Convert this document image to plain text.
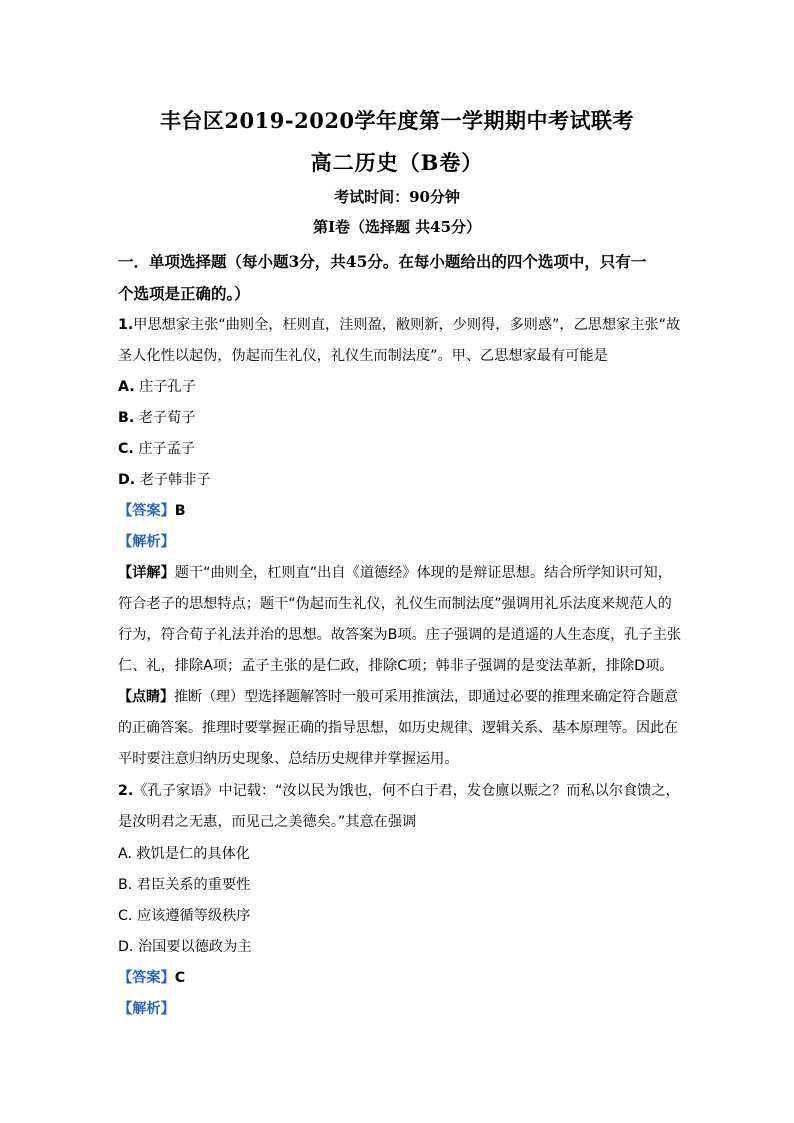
丰台区2019-2020学年度第一学期期中考试联考
高二历史（B卷）
考试时间：90分钟
第Ⅰ卷（选择题 共45分）
一．单项选择题（每小题3分，共45分。在每小题给出的四个选项中，只有一
个选项是正确的。）
1.甲思想家主张“曲则全，枉则直，洼则盈，敝则新，少则得，多则惑”，乙思想家主张“故
圣人化性以起伪，伪起而生礼仪，礼仪生而制法度”。甲、乙思想家最有可能是
A. 庄子孔子
B. 老子荀子
C. 庄子孟子
D. 老子韩非子
【答案】B
【解析】
【详解】题干“曲则全，杠则直”出自《道德经》体现的是辩证思想。结合所学知识可知，
符合老子的思想特点；题干“伪起而生礼仪，礼仪生而制法度”强调用礼乐法度来规范人的
行为，符合荀子礼法并治的思想。故答案为B项。庄子强调的是逍遥的人生态度，孔子主张
仁、礼，排除A项；孟子主张的是仁政，排除C项；韩非子强调的是变法革新，排除D项。
【点睛】推断（理）型选择题解答时一般可采用推演法，即通过必要的推理来确定符合题意
的正确答案。推理时要掌握正确的指导思想，如历史规律、逻辑关系、基本原理等。因此在
平时要注意归纳历史现象、总结历史规律并掌握运用。
2.《孔子家语》中记载：“汝以民为饿也，何不白于君，发仓廪以赈之？而私以尔食馈之，
是汝明君之无惠，而见己之美德矣。”其意在强调
A. 救饥是仁的具体化
B. 君臣关系的重要性
C. 应该遵循等级秩序
D. 治国要以德政为主
【答案】C
【解析】
